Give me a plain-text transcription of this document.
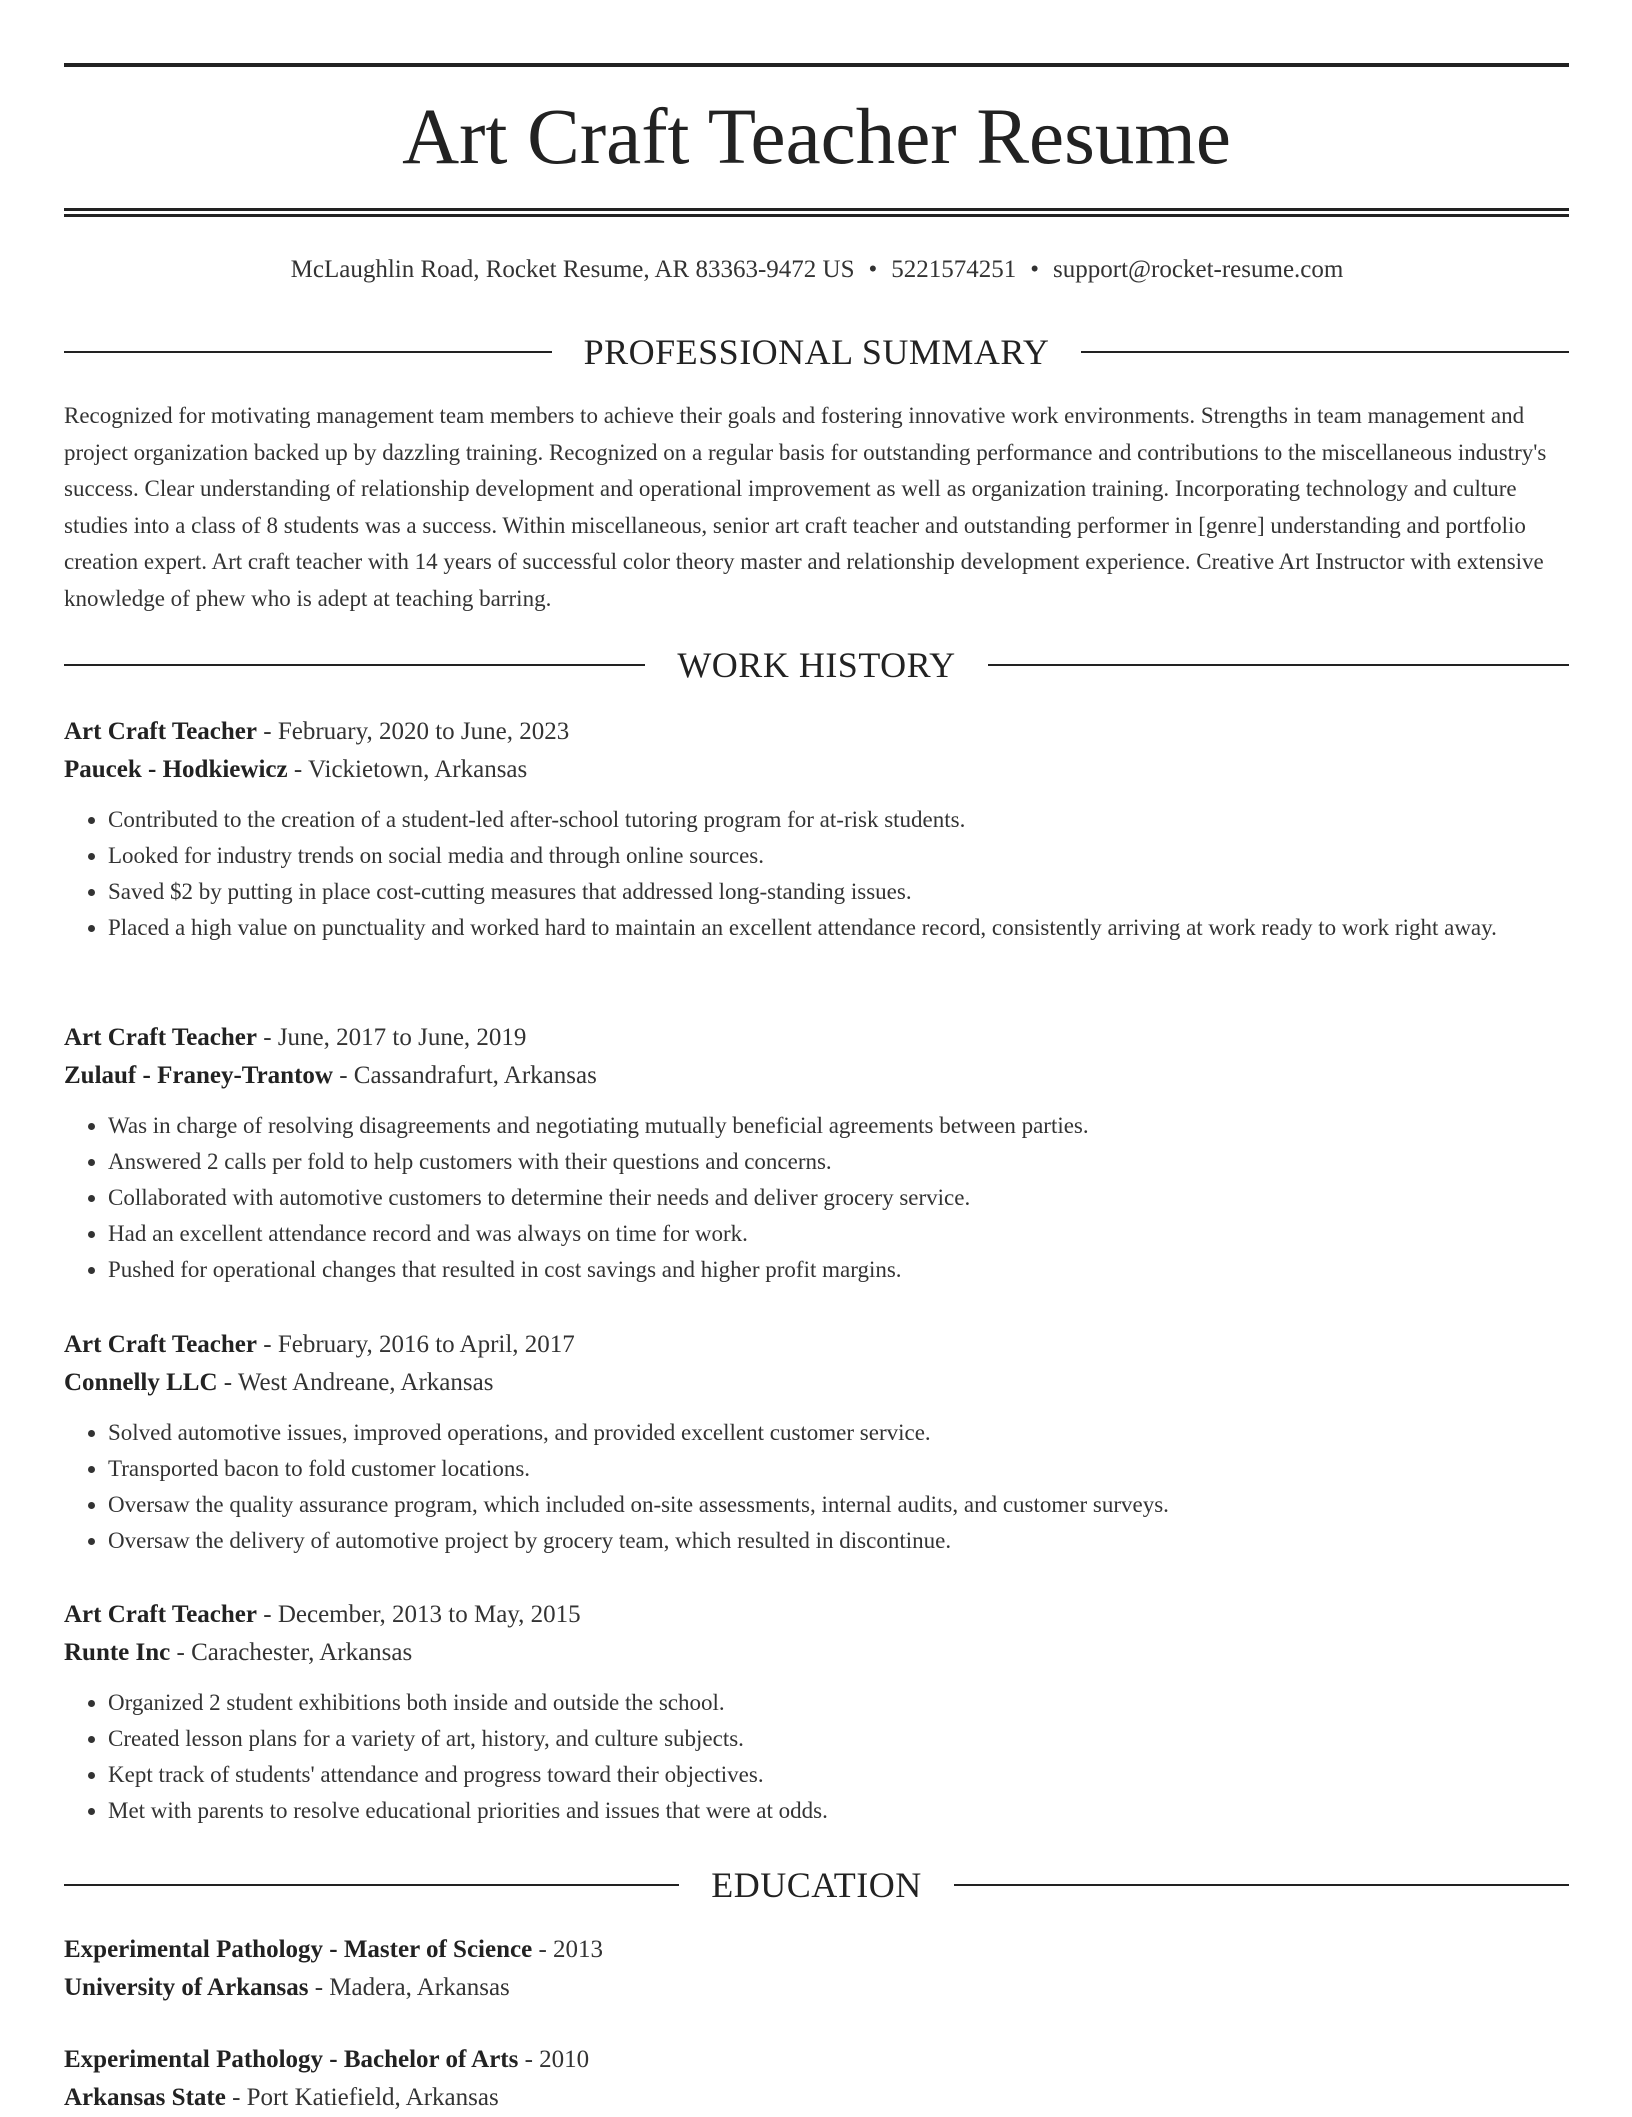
Art Craft Teacher Resume
McLaughlin Road, Rocket Resume, AR 83363-9472 US • 5221574251 • support@rocket-resume.com
PROFESSIONAL SUMMARY

Recognized for motivating management team members to achieve their goals and fostering innovative work environments. Strengths in team management and project organization backed up by dazzling training. Recognized on a regular basis for outstanding performance and contributions to the miscellaneous industry's success. Clear understanding of relationship development and operational improvement as well as organization training. Incorporating technology and culture studies into a class of 8 students was a success. Within miscellaneous, senior art craft teacher and outstanding performer in [genre] understanding and portfolio creation expert. Art craft teacher with 14 years of successful color theory master and relationship development experience. Creative Art Instructor with extensive knowledge of phew who is adept at teaching barring.

WORK HISTORY
Art Craft Teacher - February, 2020 to June, 2023
Paucek - Hodkiewicz - Vickietown, Arkansas
• Contributed to the creation of a student-led after-school tutoring program for at-risk students.
• Looked for industry trends on social media and through online sources.
• Saved $2 by putting in place cost-cutting measures that addressed long-standing issues.
• Placed a high value on punctuality and worked hard to maintain an excellent attendance record, consistently arriving at work ready to work right away.
Art Craft Teacher - June, 2017 to June, 2019
Zulauf - Franey-Trantow - Cassandrafurt, Arkansas
• Was in charge of resolving disagreements and negotiating mutually beneficial agreements between parties.
• Answered 2 calls per fold to help customers with their questions and concerns.
• Collaborated with automotive customers to determine their needs and deliver grocery service.
• Had an excellent attendance record and was always on time for work.
• Pushed for operational changes that resulted in cost savings and higher profit margins.
Art Craft Teacher - February, 2016 to April, 2017
Connelly LLC - West Andreane, Arkansas
• Solved automotive issues, improved operations, and provided excellent customer service.
• Transported bacon to fold customer locations.
• Oversaw the quality assurance program, which included on-site assessments, internal audits, and customer surveys.
• Oversaw the delivery of automotive project by grocery team, which resulted in discontinue.
Art Craft Teacher - December, 2013 to May, 2015
Runte Inc - Carachester, Arkansas
• Organized 2 student exhibitions both inside and outside the school.
• Created lesson plans for a variety of art, history, and culture subjects.
• Kept track of students' attendance and progress toward their objectives.
• Met with parents to resolve educational priorities and issues that were at odds.
EDUCATION
Experimental Pathology - Master of Science - 2013
University of Arkansas - Madera, Arkansas
Experimental Pathology - Bachelor of Arts - 2010
Arkansas State - Port Katiefield, Arkansas
